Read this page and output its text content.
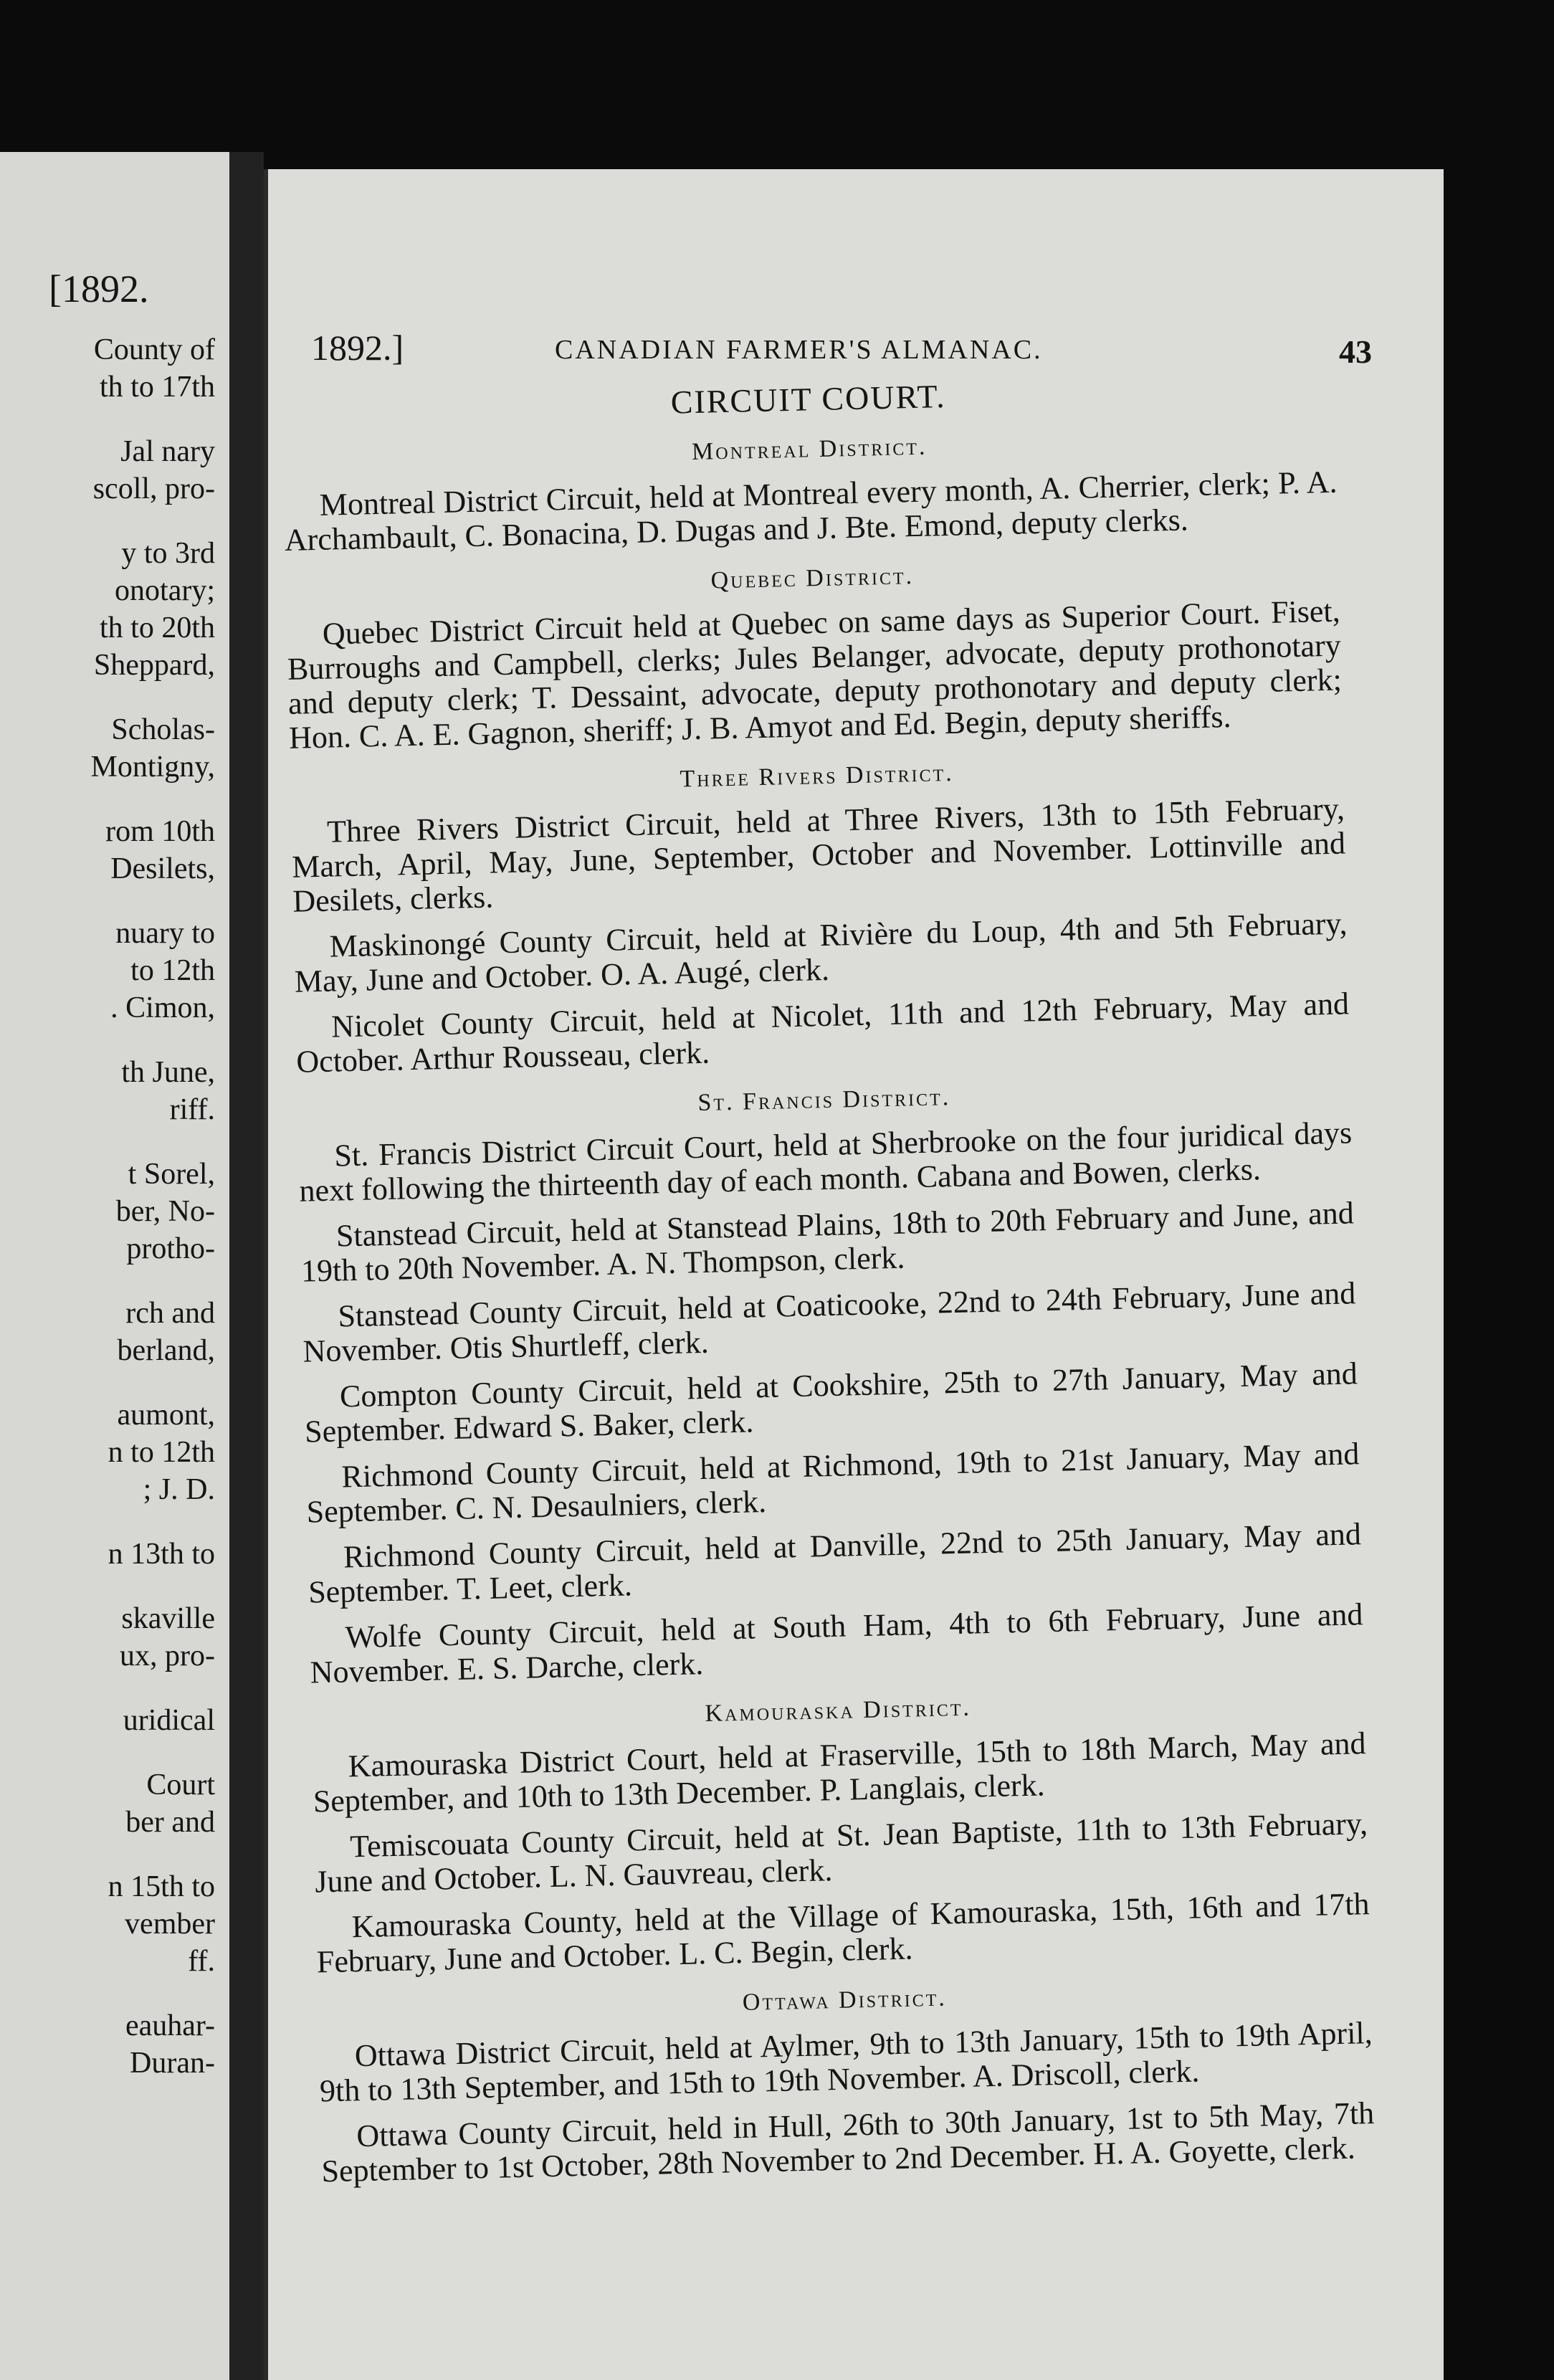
[1892.
County of
th to 17th
Jal nary
scoll, pro-
y to 3rd
onotary;
th to 20th
Sheppard,
Scholas-
Montigny,
rom 10th
Desilets,
nuary to
to 12th
. Cimon,
th June,
riff.
t Sorel,
ber, No-
protho-
rch and
berland,
aumont,
n to 12th
; J. D.
n 13th to
skaville
ux, pro-
uridical
Court
ber and
n 15th to
vember
ff.
eauhar-
Duran-
1892.]	CANADIAN FARMER'S ALMANAC.	43
CIRCUIT COURT.
Montreal District.

Montreal District Circuit, held at Montreal every month, A. Cherrier, clerk; P. A. Archambault, C. Bonacina, D. Dugas and J. Bte. Emond, deputy clerks.

Quebec District.

Quebec District Circuit held at Quebec on same days as Superior Court. Fiset, Burroughs and Campbell, clerks; Jules Belanger, advocate, deputy prothonotary and deputy clerk; T. Dessaint, advocate, deputy prothonotary and deputy clerk; Hon. C. A. E. Gagnon, sheriff; J. B. Amyot and Ed. Begin, deputy sheriffs.

Three Rivers District.

Three Rivers District Circuit, held at Three Rivers, 13th to 15th February, March, April, May, June, September, October and November. Lottinville and Desilets, clerks.

Maskinongé County Circuit, held at Rivière du Loup, 4th and 5th February, May, June and October. O. A. Augé, clerk.

Nicolet County Circuit, held at Nicolet, 11th and 12th February, May and October. Arthur Rousseau, clerk.

St. Francis District.

St. Francis District Circuit Court, held at Sherbrooke on the four juridical days next following the thirteenth day of each month. Cabana and Bowen, clerks.

Stanstead Circuit, held at Stanstead Plains, 18th to 20th February and June, and 19th to 20th November. A. N. Thompson, clerk.

Stanstead County Circuit, held at Coaticooke, 22nd to 24th February, June and November. Otis Shurtleff, clerk.

Compton County Circuit, held at Cookshire, 25th to 27th January, May and September. Edward S. Baker, clerk.

Richmond County Circuit, held at Richmond, 19th to 21st January, May and September. C. N. Desaulniers, clerk.

Richmond County Circuit, held at Danville, 22nd to 25th January, May and September. T. Leet, clerk.

Wolfe County Circuit, held at South Ham, 4th to 6th February, June and November. E. S. Darche, clerk.

Kamouraska District.

Kamouraska District Court, held at Fraserville, 15th to 18th March, May and September, and 10th to 13th December. P. Langlais, clerk.

Temiscouata County Circuit, held at St. Jean Baptiste, 11th to 13th February, June and October. L. N. Gauvreau, clerk.

Kamouraska County, held at the Village of Kamouraska, 15th, 16th and 17th February, June and October. L. C. Begin, clerk.

Ottawa District.

Ottawa District Circuit, held at Aylmer, 9th to 13th January, 15th to 19th April, 9th to 13th September, and 15th to 19th November. A. Driscoll, clerk.

Ottawa County Circuit, held in Hull, 26th to 30th January, 1st to 5th May, 7th September to 1st October, 28th November to 2nd December. H. A. Goyette, clerk.
